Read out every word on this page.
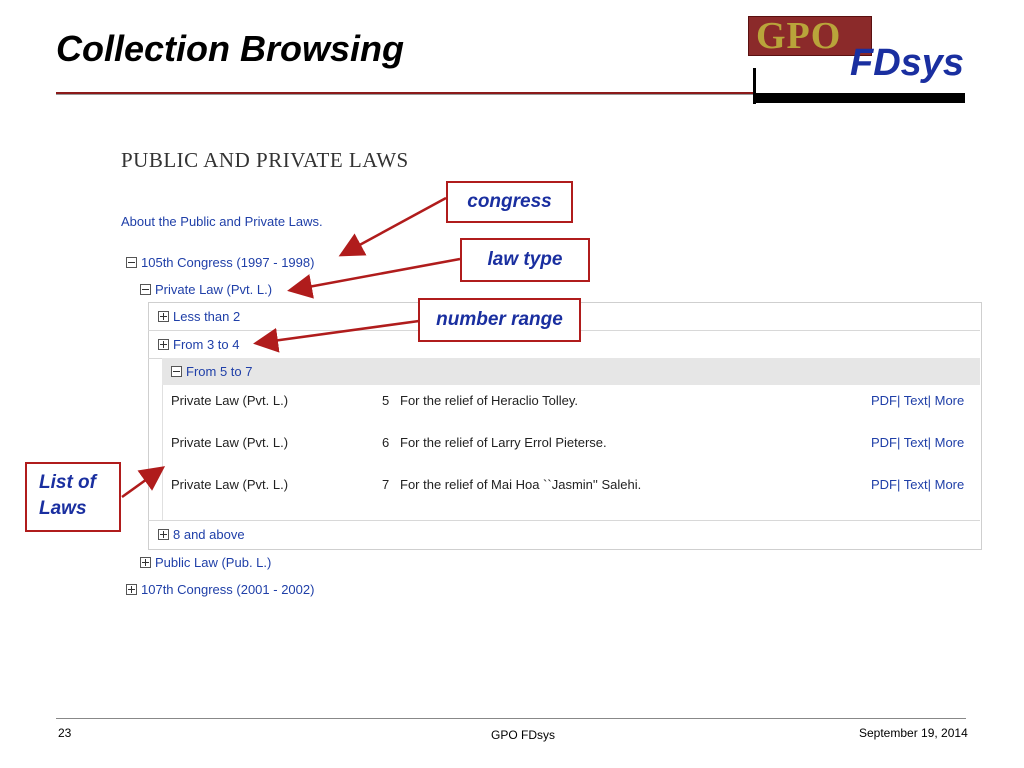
Collection Browsing	GPO
FDsys
PUBLIC AND PRIVATE LAWS
About the Public and Private Laws.
105th Congress (1997 - 1998)
Private Law (Pvt. L.)
Less than 2
From 3 to 4
From 5 to 7
Private Law (Pvt. L.)	5 For the relief of Heraclio Tolley.	PDF| Text| More
Private Law (Pvt. L.)	6 For the relief of Larry Errol Pieterse.	PDF| Text| More
Private Law (Pvt. L.)	7 For the relief of Mai Hoa ``Jasmin'' Salehi.	PDF| Text| More
8 and above
Public Law (Pub. L.)
107th Congress (2001 - 2002)
congress
law type
number range
List of
Laws
23	GPO FDsys	September 19, 2014
